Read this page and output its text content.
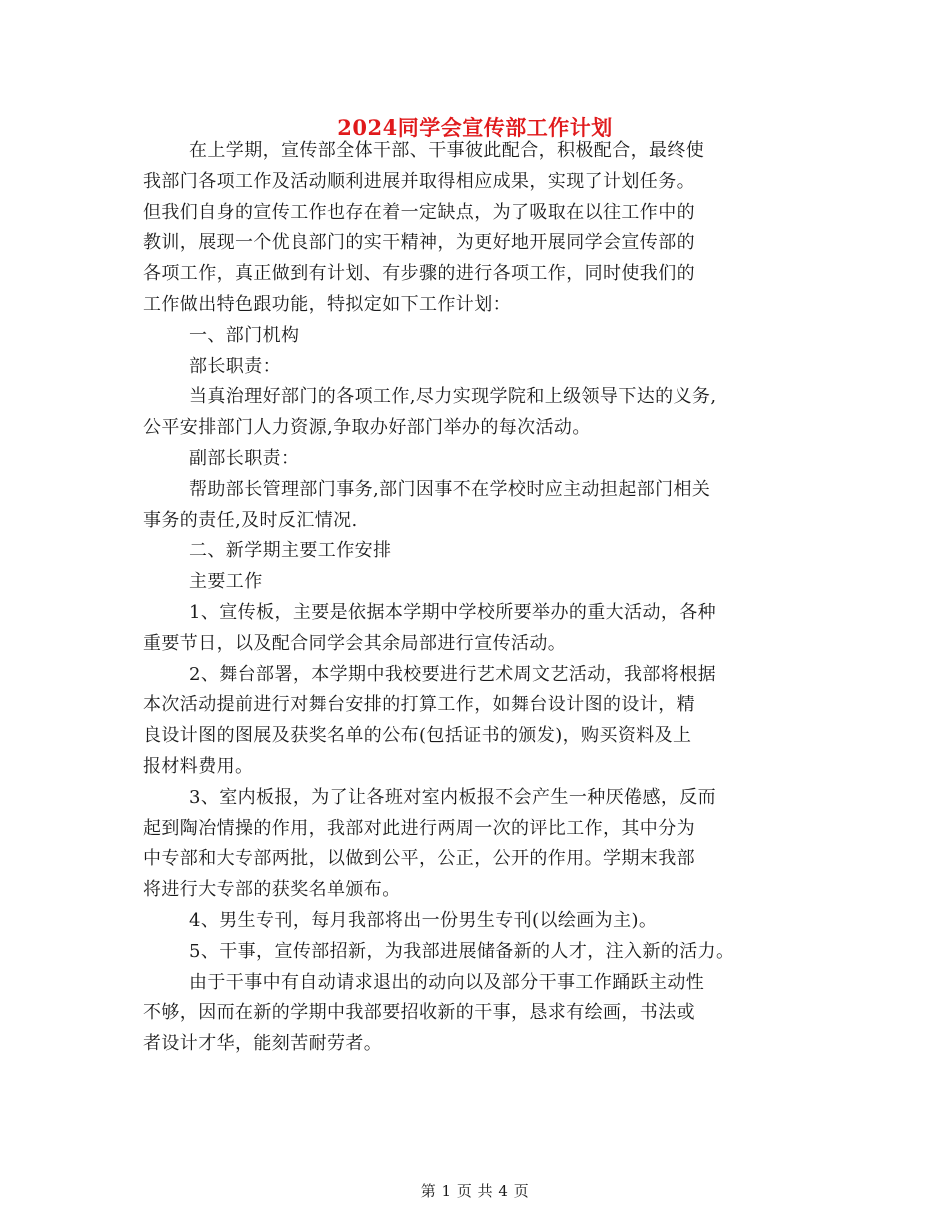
2024同学会宣传部工作计划
在上学期，宣传部全体干部、干事彼此配合，积极配合，最终使
我部门各项工作及活动顺利进展并取得相应成果，实现了计划任务。
但我们自身的宣传工作也存在着一定缺点，为了吸取在以往工作中的
教训，展现一个优良部门的实干精神，为更好地开展同学会宣传部的
各项工作，真正做到有计划、有步骤的进行各项工作，同时使我们的
工作做出特色跟功能，特拟定如下工作计划：
一、部门机构
部长职责：
当真治理好部门的各项工作,尽力实现学院和上级领导下达的义务,
公平安排部门人力资源,争取办好部门举办的每次活动。
副部长职责：
帮助部长管理部门事务,部门因事不在学校时应主动担起部门相关
事务的责任,及时反汇情况.
二、新学期主要工作安排
主要工作
1、宣传板，主要是依据本学期中学校所要举办的重大活动，各种
重要节日，以及配合同学会其余局部进行宣传活动。
2、舞台部署，本学期中我校要进行艺术周文艺活动，我部将根据
本次活动提前进行对舞台安排的打算工作，如舞台设计图的设计，精
良设计图的图展及获奖名单的公布(包括证书的颁发)，购买资料及上
报材料费用。
3、室内板报，为了让各班对室内板报不会产生一种厌倦感，反而
起到陶冶情操的作用，我部对此进行两周一次的评比工作，其中分为
中专部和大专部两批，以做到公平，公正，公开的作用。学期末我部
将进行大专部的获奖名单颁布。
4、男生专刊，每月我部将出一份男生专刊(以绘画为主)。
5、干事，宣传部招新，为我部进展储备新的人才，注入新的活力。
由于干事中有自动请求退出的动向以及部分干事工作踊跃主动性
不够，因而在新的学期中我部要招收新的干事，恳求有绘画，书法或
者设计才华，能刻苦耐劳者。
第 1 页 共 4 页
